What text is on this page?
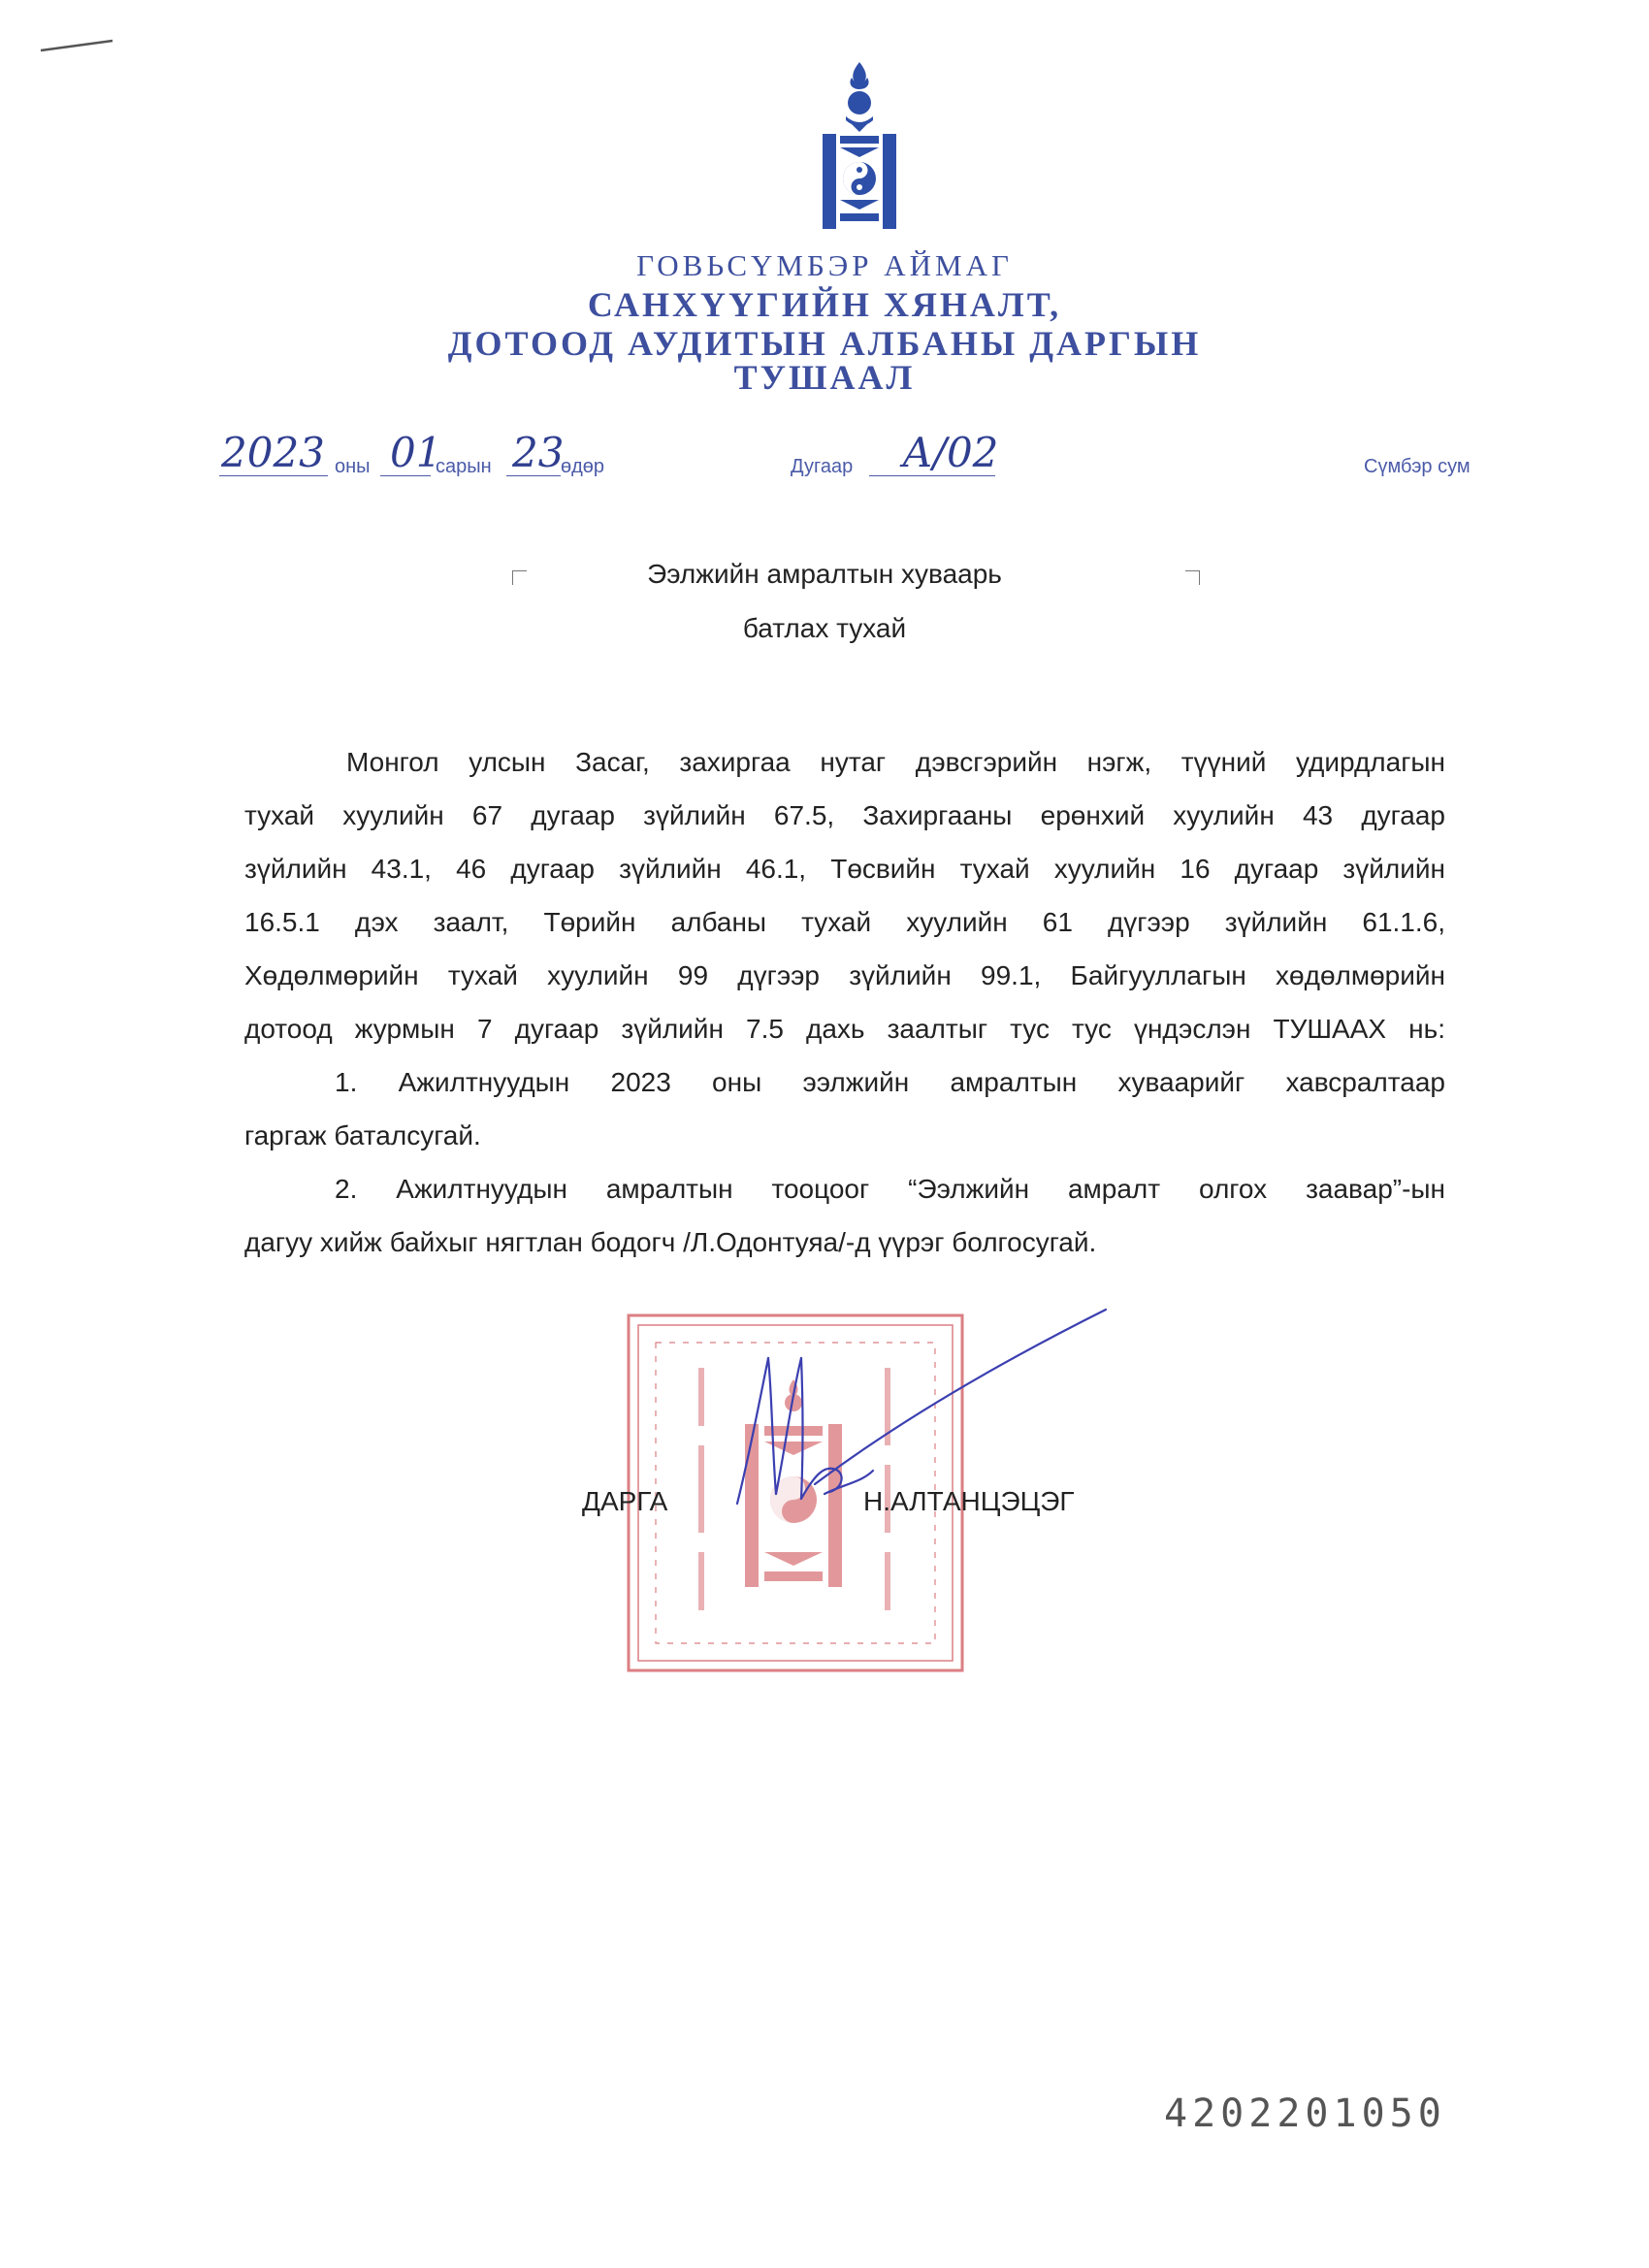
ГОВЬСҮМБЭР АЙМАГ
САНХҮҮГИЙН ХЯНАЛТ,
ДОТООД АУДИТЫН АЛБАНЫ ДАРГЫН
ТУШААЛ
2023 оны 01
сарын 23
өдөр	Дугаар А/02	Сүмбэр сум
Ээлжийн амралтын хуваарь
батлах тухай
Монгол улсын Засаг, захиргаа нутаг дэвсгэрийн нэгж, түүний удирдлагын
тухай хуулийн 67 дугаар зүйлийн 67.5, Захиргааны ерөнхий хуулийн 43 дугаар
зүйлийн 43.1, 46 дугаар зүйлийн 46.1, Төсвийн тухай хуулийн 16 дугаар зүйлийн
16.5.1 дэх заалт, Төрийн албаны тухай хуулийн 61 дүгээр зүйлийн 61.1.6,
Хөдөлмөрийн тухай хуулийн 99 дүгээр зүйлийн 99.1, Байгууллагын хөдөлмөрийн
дотоод журмын 7 дугаар зүйлийн 7.5 дахь заалтыг тус тус үндэслэн ТУШААХ нь:
1. Ажилтнуудын 2023 оны ээлжийн амралтын хуваарийг хавсралтаар
гаргаж баталсугай.
2. Ажилтнуудын амралтын тооцоог “Ээлжийн амралт олгох заавар”-ын
дагуу хийж байхыг нягтлан бодогч /Л.Одонтуяа/-д үүрэг болгосугай.
ДАРГА	Н.АЛТАНЦЭЦЭГ
4202201050
